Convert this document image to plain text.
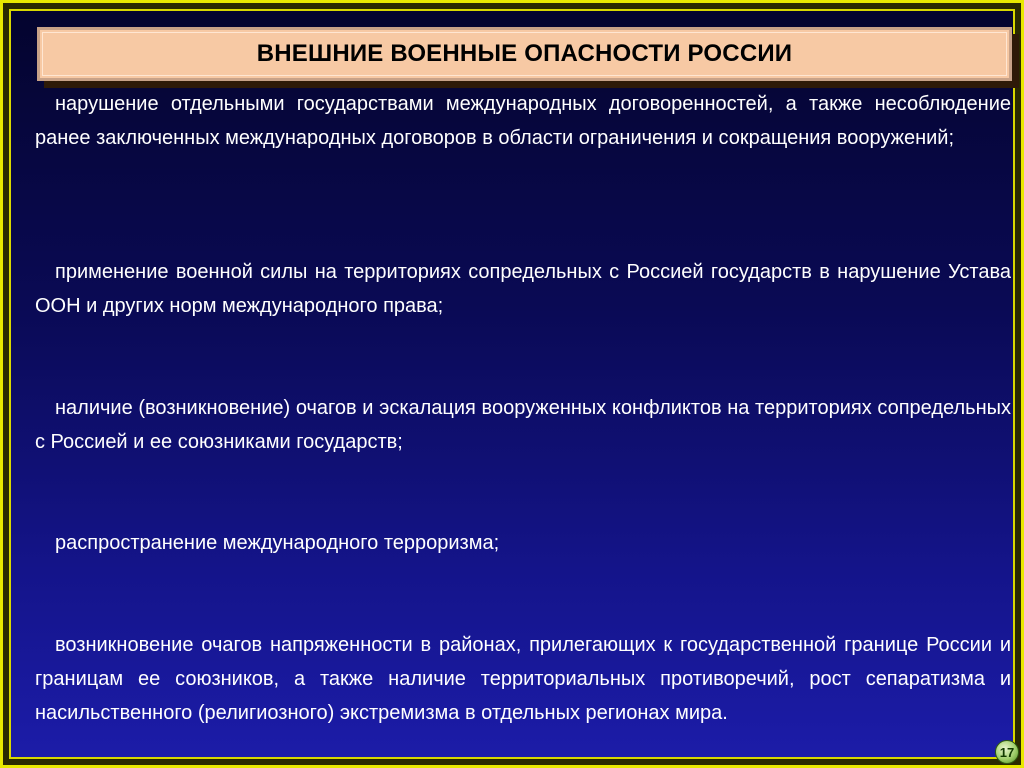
ВНЕШНИЕ ВОЕННЫЕ ОПАСНОСТИ РОССИИ

нарушение отдельными государствами международных договоренностей, а также несоблюдение ранее заключенных международных договоров в области ограничения и сокращения вооружений;

применение военной силы на территориях сопредельных с Россией государств в нарушение Устава ООН и других норм международного права;

наличие (возникновение) очагов и эскалация вооруженных конфликтов на территориях сопредельных с Россией и ее союзниками государств;

распространение международного терроризма;

возникновение очагов напряженности в районах, прилегающих к государственной границе России и границам ее союзников, а также наличие территориальных противоречий, рост сепаратизма и насильственного (религиозного) экстремизма в отдельных регионах мира.

17
